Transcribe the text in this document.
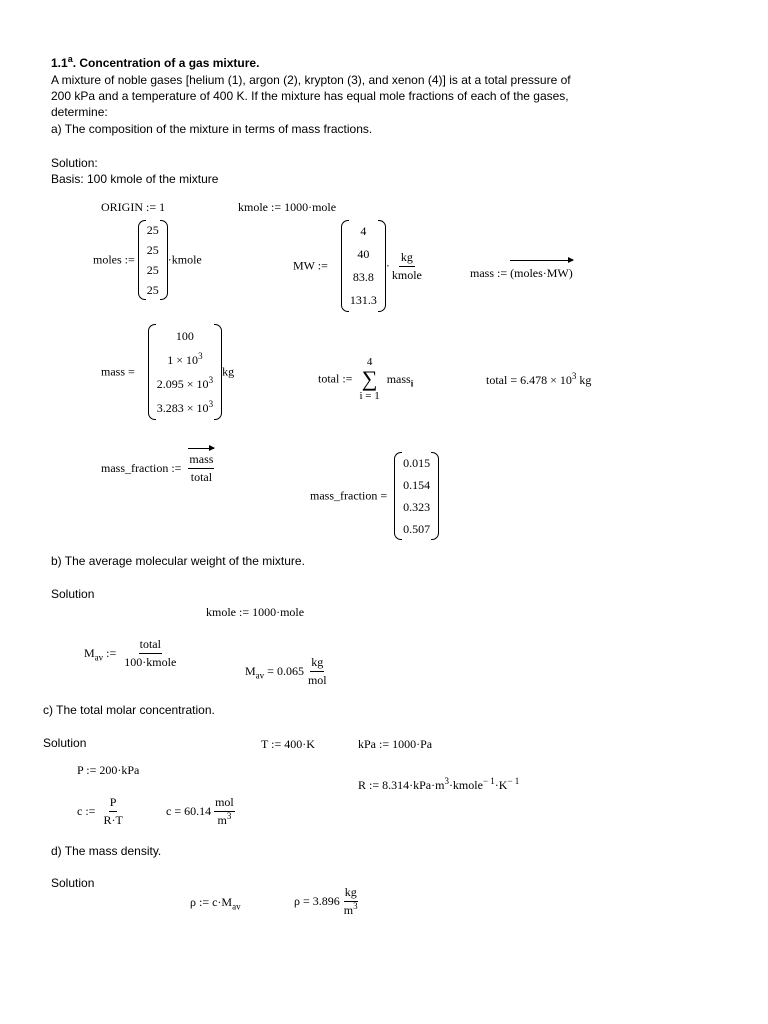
1.1$^a$. Concentration of a gas mixture.
A mixture of noble gases [helium (1), argon (2), krypton (3), and xenon (4)] is at a total pressure of
200 kPa and a temperature of 400 K. If the mixture has equal mole fractions of each of the gases,
determine:
a) The composition of the mixture in terms of mass fractions.
Solution:
Basis: 100 kmole of the mixture
ORIGIN := 1	kmole := 1000·mole
moles :=
25
25
25
25
·kmole	MW :=
4
40
83.8
131.3
· $\frac{kg}{\text{kmole}}$	mass := (moles·MW)
mass =
100
$1 \times 10^3$
$2.095 \times 10^3$
$3.283 \times 10^3$
kg	total :=
4
∑
i = 1
mass$_i$	total = $6.478 \times 10^3$ kg
mass_fraction := $\frac{\text{mass}}{\text{total}}$
mass_fraction =
0.015
0.154
0.323
0.507
b) The average molecular weight of the mixture.
Solution
kmole := 1000·mole
$M_{av}$ := $\frac{\text{total}}{\text{100·kmole}}$
$M_{av} = 0.065 \frac{kg}{\text{mol}}$
c) The total molar concentration.
Solution	T := 400·K	kPa := 1000·Pa
P := 200·kPa
R := $8.314\cdot kPa\cdot m^3\cdot kmole^{- 1}\cdot K^{- 1}$
c := $\frac{P}{R\cdot T}$	$c = 60.14 \frac{\text{mol}}{m^3}$
d) The mass density.
Solution
ρ := $c\cdot M_{av}$	$\rho = 3.896 \frac{kg}{m^3}$
